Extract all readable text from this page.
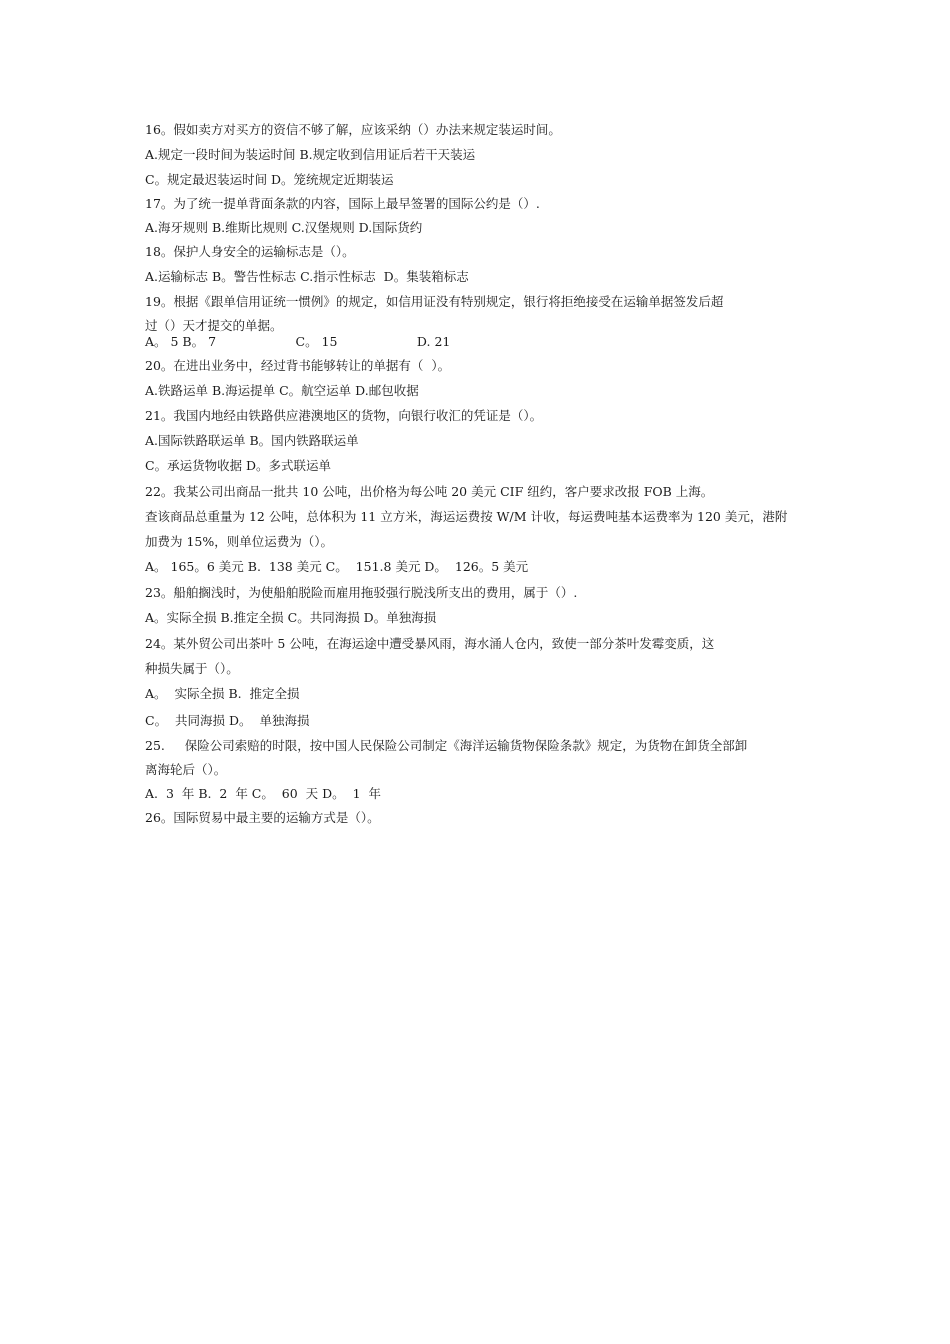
16。假如卖方对买方的资信不够了解，应该采纳（）办法来规定装运时间。
A.规定一段时间为装运时间 B.规定收到信用证后若干天装运
C。规定最迟装运时间 D。笼统规定近期装运
17。为了统一提单背面条款的内容，国际上最早签署的国际公约是（）.
A.海牙规则 B.维斯比规则 C.汉堡规则 D.国际货约
18。保护人身安全的运输标志是（）。
A.运输标志 B。警告性标志 C.指示性标志  D。集装箱标志
19。根据《跟单信用证统一惯例》的规定，如信用证没有特别规定，银行将拒绝接受在运输单据签发后超
过（）天才提交的单据。
A。 5 B。 7                    C。 15                    D. 21
20。在进出业务中，经过背书能够转让的单据有（  ）。
A.铁路运单 B.海运提单 C。航空运单 D.邮包收据
21。我国内地经由铁路供应港澳地区的货物，向银行收汇的凭证是（）。
A.国际铁路联运单 B。国内铁路联运单
C。承运货物收据 D。多式联运单
22。我某公司出商品一批共 10 公吨，出价格为每公吨 20 美元 CIF 纽约，客户要求改报 FOB 上海。
查该商品总重量为 12 公吨，总体积为 11 立方米，海运运费按 W/M 计收，每运费吨基本运费率为 120 美元，港附
加费为 15%，则单位运费为（）。
A。 165。6 美元 B.  138 美元 C。  151.8 美元 D。  126。5 美元
23。船舶搁浅时，为使船舶脱险而雇用拖驳强行脱浅所支出的费用，属于（）.
A。实际全损 B.推定全损 C。共同海损 D。单独海损
24。某外贸公司出茶叶 5 公吨，在海运途中遭受暴风雨，海水涌人仓内，致使一部分茶叶发霉变质，这
种损失属于（）。
A。  实际全损 B.  推定全损
C。  共同海损 D。  单独海损
25.     保险公司索赔的时限，按中国人民保险公司制定《海洋运输货物保险条款》规定，为货物在卸货全部卸
离海轮后（）。
A.  3  年 B.  2  年 C。  60  天 D。  1  年
26。国际贸易中最主要的运输方式是（）。
